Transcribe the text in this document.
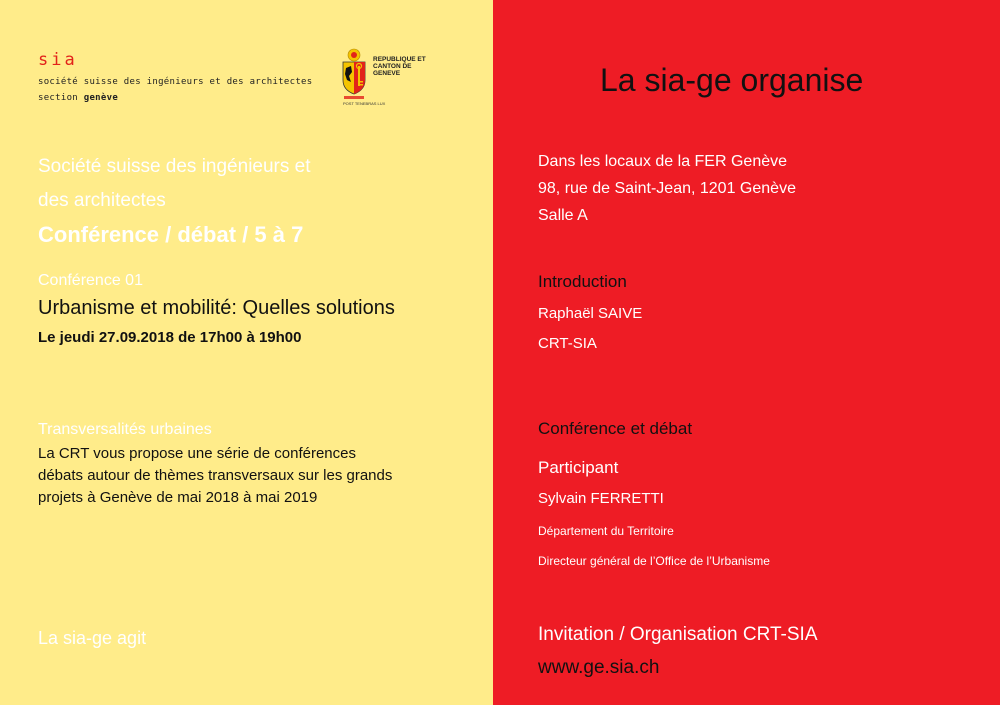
sia
société suisse des ingénieurs et des architectes
section genève
REPUBLIQUE ET CANTON DE GENEVE
POST TENEBRAS LUX
Société suisse des ingénieurs et
des architectes
Conférence / débat / 5 à 7
Conférence 01
Urbanisme et mobilité: Quelles solutions
Le jeudi 27.09.2018 de 17h00 à 19h00
Transversalités urbaines
La CRT vous propose une série de conférences
débats autour de thèmes transversaux sur les grands
projets à Genève de mai 2018 à mai 2019
La sia-ge agit
La sia-ge organise
Dans les locaux de la FER Genève
98, rue de Saint-Jean, 1201 Genève
Salle A
Introduction
Raphaël SAIVE
CRT-SIA
Conférence et débat
Participant
Sylvain FERRETTI
Département du Territoire
Directeur général de l’Office de l’Urbanisme
Invitation / Organisation CRT-SIA
www.ge.sia.ch
